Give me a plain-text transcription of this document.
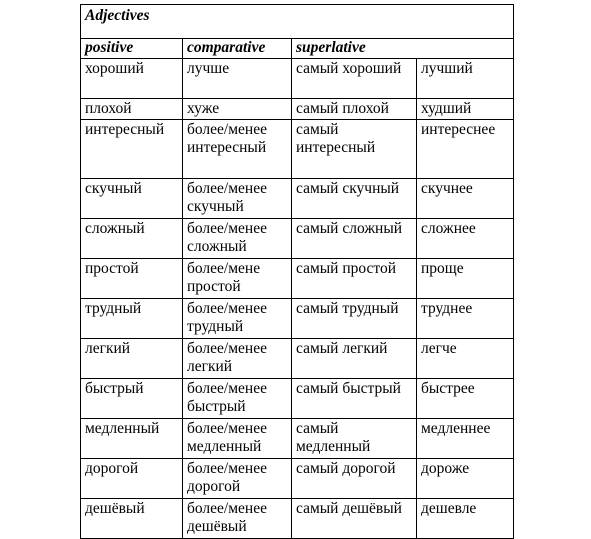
Adjectives			
positive	comparative	superlative	
хороший	лучше	самый хороший	лучший
плохой	хуже	самый плохой	худший
интересный	более/менее интересный	самый интересный	интереснее
скучный	более/менее скучный	самый скучный	скучнее
сложный	более/менее сложный	самый сложный	сложнее
простой	более/мене простой	самый простой	проще
трудный	более/менее трудный	самый трудный	труднее
легкий	более/менее легкий	самый легкий	легче
быстрый	более/менее быстрый	самый быстрый	быстрее
медленный	более/менее медленный	самый медленный	медленнее
дорогой	более/менее дорогой	самый дорогой	дороже
дешёвый	более/менее дешёвый	самый дешёвый	дешевле
